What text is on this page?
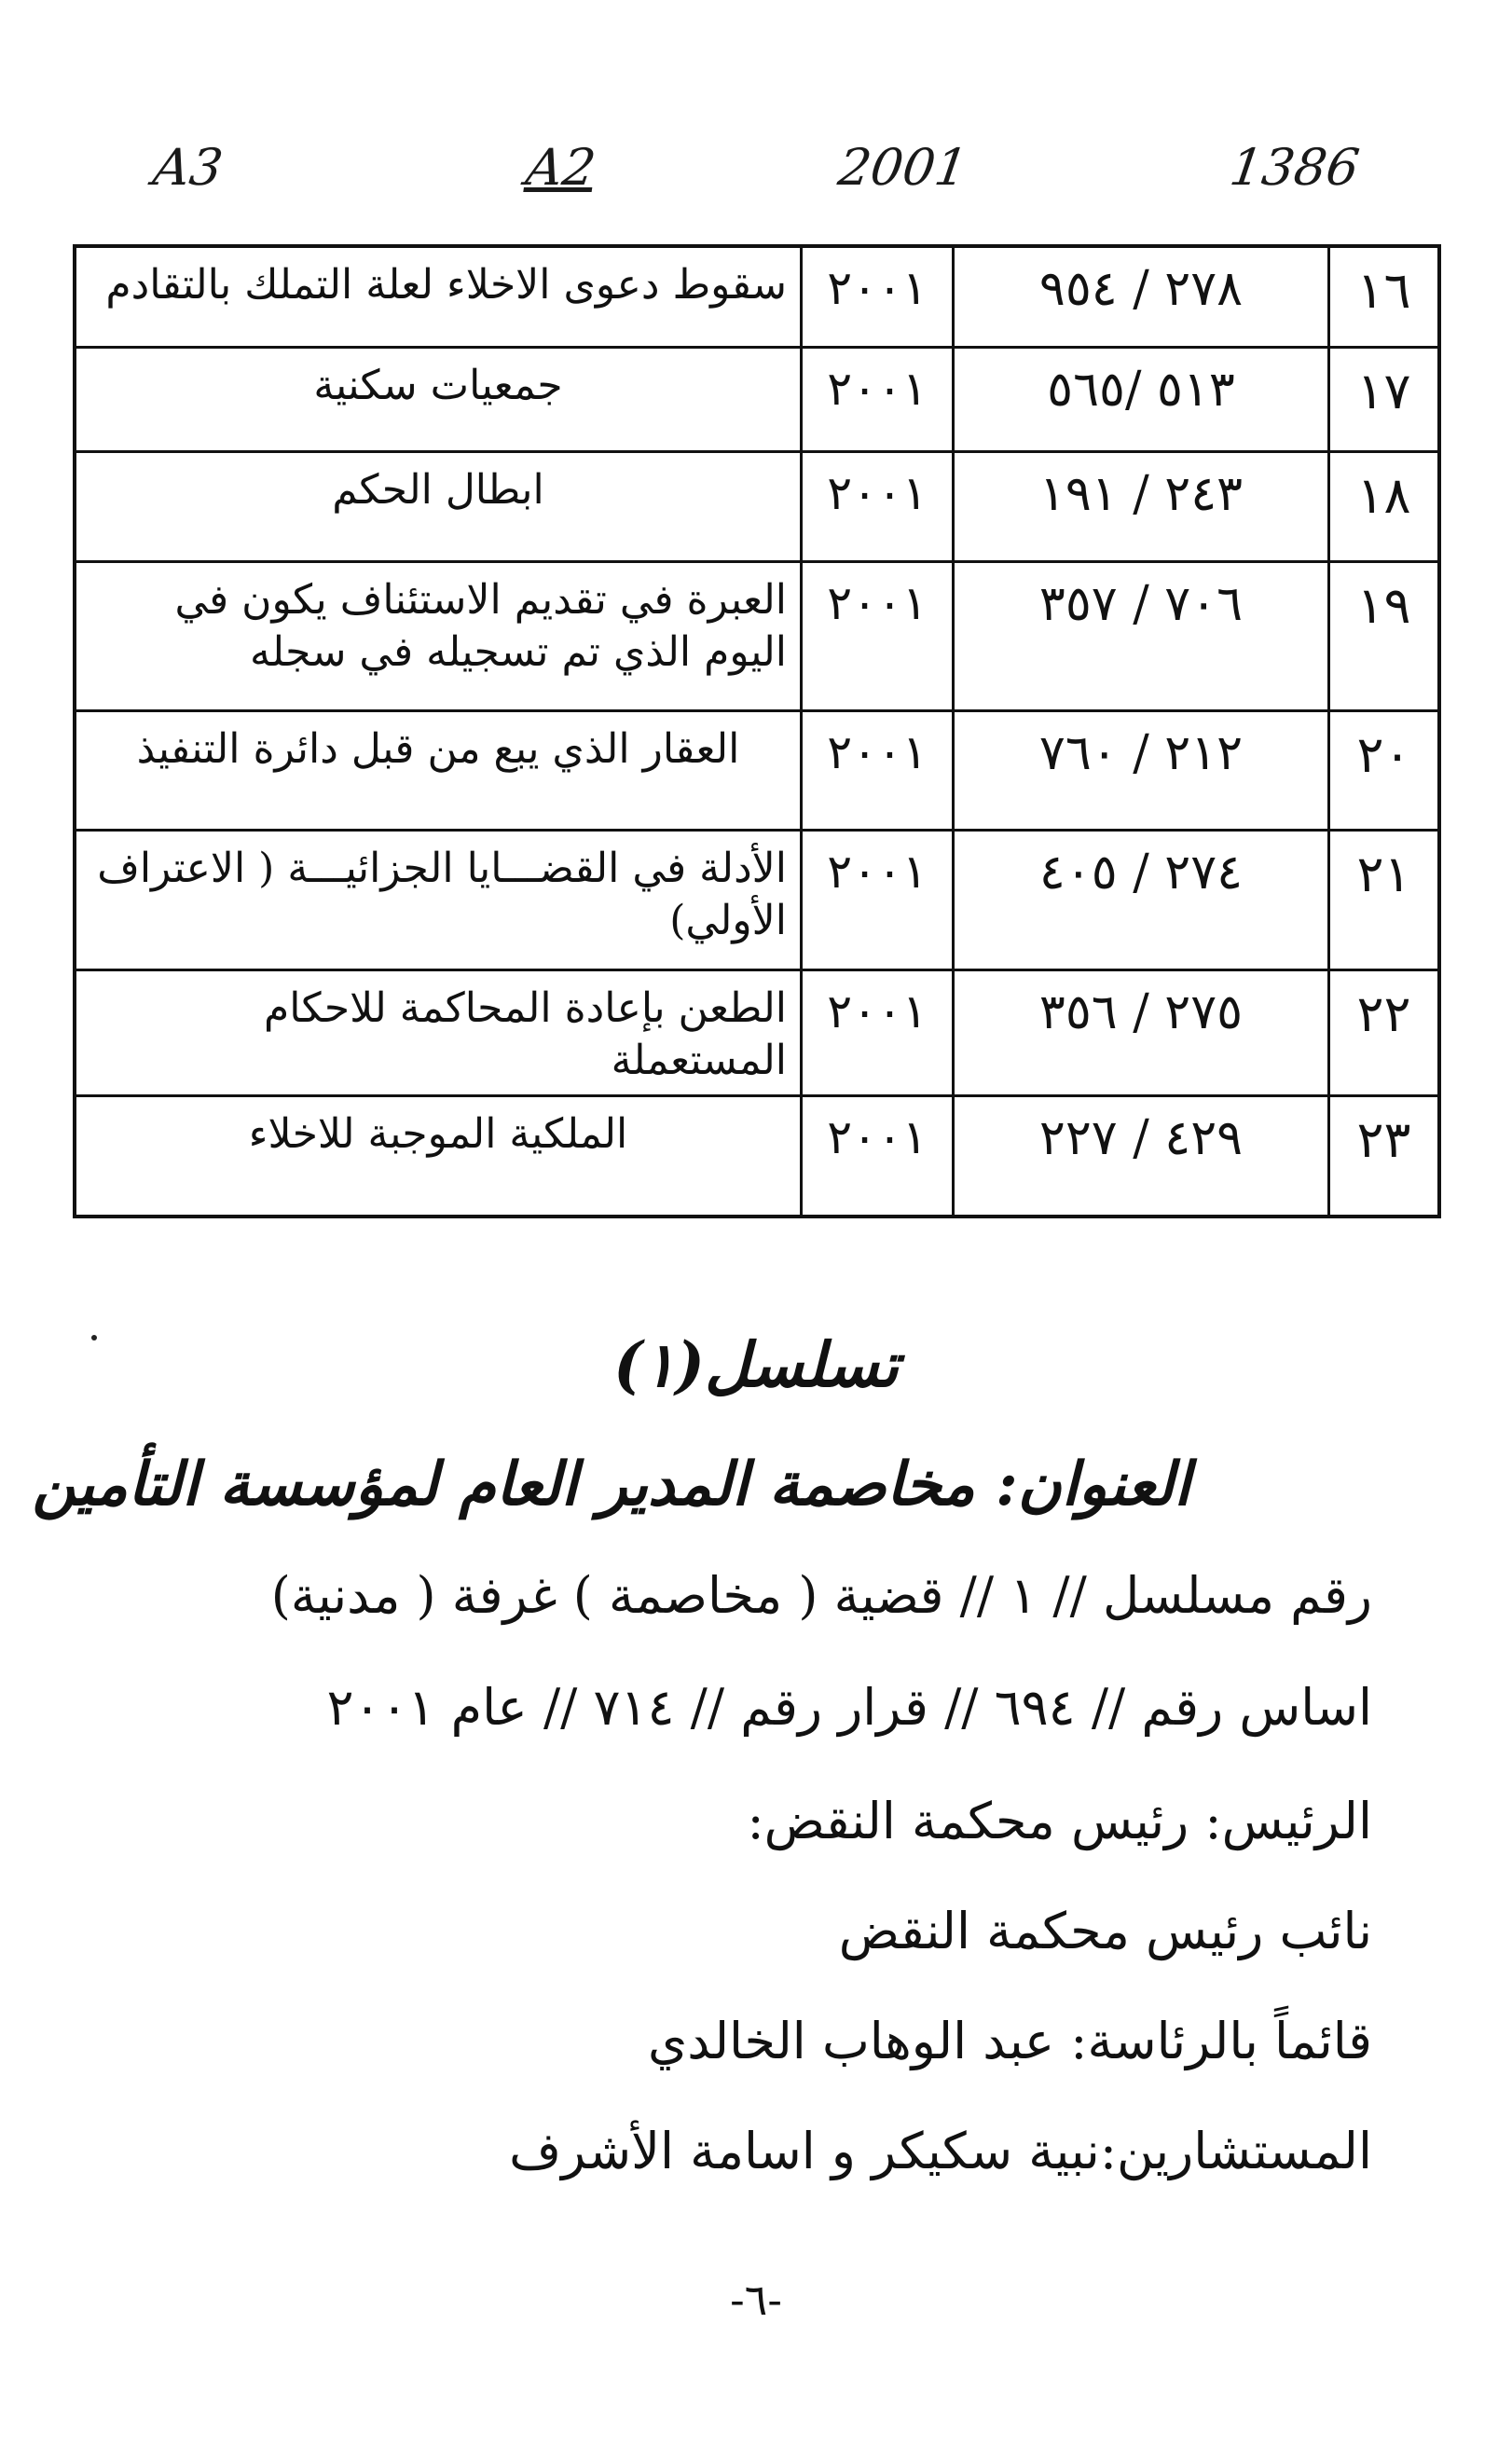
A3	A2	2001	1386
١٦	٢٧٨ / ٩٥٤	٢٠٠١	سقوط دعوى الاخلاء لعلة التملك بالتقادم
١٧	٥١٣ /٥٦٥	٢٠٠١	جمعيات سكنية
١٨	٢٤٣ / ١٩١	٢٠٠١	ابطال الحكم
١٩	٧٠٦ / ٣٥٧	٢٠٠١	العبرة في تقديم الاستئناف يكون في اليوم الذي تم تسجيله في سجله
٢٠	٢١٢ / ٧٦٠	٢٠٠١	العقار الذي يبع من قبل دائرة التنفيذ
٢١	٢٧٤ / ٤٠٥	٢٠٠١	الأدلة في القضـــايا الجزائيـــة ( الاعتراف الأولي)
٢٢	٢٧٥ / ٣٥٦	٢٠٠١	الطعن بإعادة المحاكمة للاحكام المستعملة
٢٣	٤٢٩ / ٢٢٧	٢٠٠١	الملكية الموجبة للاخلاء
تسلسل(١)
العنوان: مخاصمة المدير العام لمؤسسة التأمين
رقم مسلسل // ١ // قضية ( مخاصمة ) غرفة ( مدنية)
اساس رقم // ٦٩٤ // قرار رقم // ٧١٤ // عام ٢٠٠١
الرئيس: رئيس محكمة النقض:
نائب رئيس محكمة النقض
قائماً بالرئاسة: عبد الوهاب الخالدي
المستشارين:نبية سكيكر و اسامة الأشرف
-٦-
